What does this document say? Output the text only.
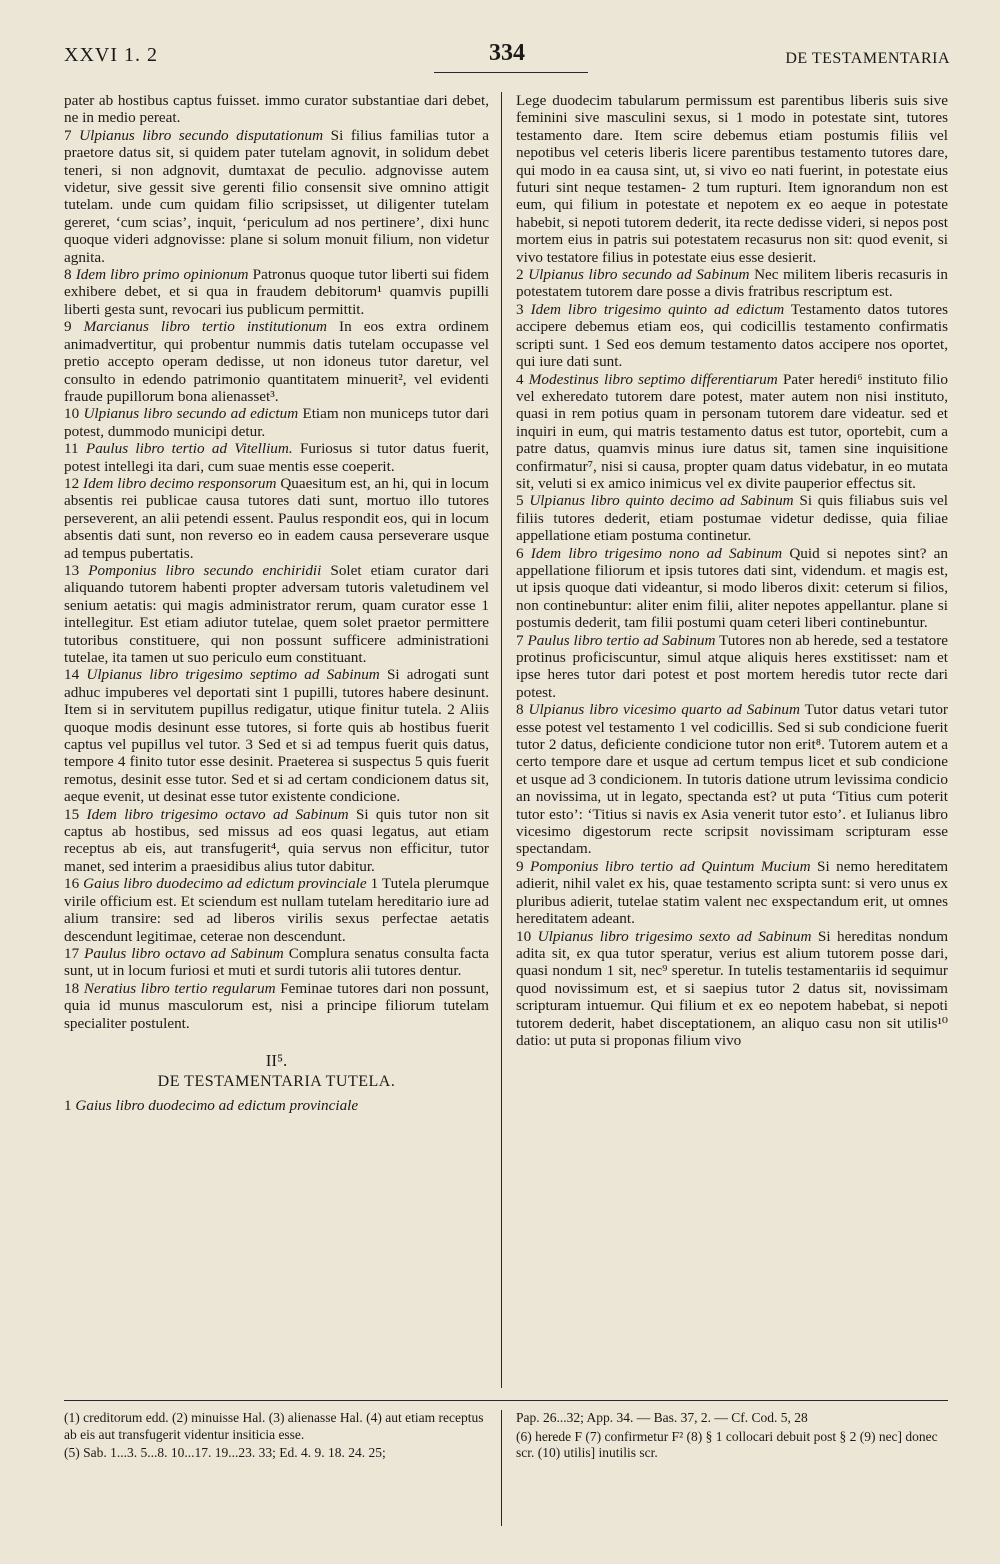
XXVI 1. 2	334	DE TESTAMENTARIA

pater ab hostibus captus fuisset. immo curator substantiae dari debet, ne in medio pereat.

7 Ulpianus libro secundo disputationum Si filius familias tutor a praetore datus sit, si quidem pater tutelam agnovit, in solidum debet teneri, si non adgnovit, dumtaxat de peculio. adgnovisse autem videtur, sive gessit sive gerenti filio consensit sive omnino attigit tutelam. unde cum quidam filio scripsisset, ut diligenter tutelam gereret, ‘cum scias’, inquit, ‘periculum ad nos pertinere’, dixi hunc quoque videri adgnovisse: plane si solum monuit filium, non videtur agnita.

8 Idem libro primo opinionum Patronus quoque tutor liberti sui fidem exhibere debet, et si qua in fraudem debitorum¹ quamvis pupilli liberti gesta sunt, revocari ius publicum permittit.

9 Marcianus libro tertio institutionum In eos extra ordinem animadvertitur, qui probentur nummis datis tutelam occupasse vel pretio accepto operam dedisse, ut non idoneus tutor daretur, vel consulto in edendo patrimonio quantitatem minuerit², vel evidenti fraude pupillorum bona alienasset³.

10 Ulpianus libro secundo ad edictum Etiam non municeps tutor dari potest, dummodo municipi detur.

11 Paulus libro tertio ad Vitellium. Furiosus si tutor datus fuerit, potest intellegi ita dari, cum suae mentis esse coeperit.

12 Idem libro decimo responsorum Quaesitum est, an hi, qui in locum absentis rei publicae causa tutores dati sunt, mortuo illo tutores perseverent, an alii petendi essent. Paulus respondit eos, qui in locum absentis dati sunt, non reverso eo in eadem causa perseverare usque ad tempus pubertatis.

13 Pomponius libro secundo enchiridii Solet etiam curator dari aliquando tutorem habenti propter adversam tutoris valetudinem vel senium aetatis: qui magis administrator rerum, quam curator esse 1 intellegitur. Est etiam adiutor tutelae, quem solet praetor permittere tutoribus constituere, qui non possunt sufficere administrationi tutelae, ita tamen ut suo periculo eum constituant.

14 Ulpianus libro trigesimo septimo ad Sabinum Si adrogati sunt adhuc impuberes vel deportati sint 1 pupilli, tutores habere desinunt. Item si in servitutem pupillus redigatur, utique finitur tutela. 2 Aliis quoque modis desinunt esse tutores, si forte quis ab hostibus fuerit captus vel pupillus vel tutor. 3 Sed et si ad tempus fuerit quis datus, tempore 4 finito tutor esse desinit. Praeterea si suspectus 5 quis fuerit remotus, desinit esse tutor. Sed et si ad certam condicionem datus sit, aeque evenit, ut desinat esse tutor existente condicione.

15 Idem libro trigesimo octavo ad Sabinum Si quis tutor non sit captus ab hostibus, sed missus ad eos quasi legatus, aut etiam receptus ab eis, aut transfugerit⁴, quia servus non efficitur, tutor manet, sed interim a praesidibus alius tutor dabitur.

16 Gaius libro duodecimo ad edictum provinciale 1 Tutela plerumque virile officium est. Et sciendum est nullam tutelam hereditario iure ad alium transire: sed ad liberos virilis sexus perfectae aetatis descendunt legitimae, ceterae non descendunt.

17 Paulus libro octavo ad Sabinum Complura senatus consulta facta sunt, ut in locum furiosi et muti et surdi tutoris alii tutores dentur.

18 Neratius libro tertio regularum Feminae tutores dari non possunt, quia id munus masculorum est, nisi a principe filiorum tutelam specialiter postulent.

II⁵.
DE TESTAMENTARIA TUTELA.

1 Gaius libro duodecimo ad edictum provinciale

Lege duodecim tabularum permissum est parentibus liberis suis sive feminini sive masculini sexus, si 1 modo in potestate sint, tutores testamento dare. Item scire debemus etiam postumis filiis vel nepotibus vel ceteris liberis licere parentibus testamento tutores dare, qui modo in ea causa sint, ut, si vivo eo nati fuerint, in potestate eius futuri sint neque testamen- 2 tum rupturi. Item ignorandum non est eum, qui filium in potestate et nepotem ex eo aeque in potestate habebit, si nepoti tutorem dederit, ita recte dedisse videri, si nepos post mortem eius in patris sui potestatem recasurus non sit: quod evenit, si vivo testatore filius in potestate eius esse desierit.

2 Ulpianus libro secundo ad Sabinum Nec militem liberis recasuris in potestatem tutorem dare posse a divis fratribus rescriptum est.

3 Idem libro trigesimo quinto ad edictum Testamento datos tutores accipere debemus etiam eos, qui codicillis testamento confirmatis scripti sunt. 1 Sed eos demum testamento datos accipere nos oportet, qui iure dati sunt.

4 Modestinus libro septimo differentiarum Pater heredi⁶ instituto filio vel exheredato tutorem dare potest, mater autem non nisi instituto, quasi in rem potius quam in personam tutorem dare videatur. sed et inquiri in eum, qui matris testamento datus est tutor, oportebit, cum a patre datus, quamvis minus iure datus sit, tamen sine inquisitione confirmatur⁷, nisi si causa, propter quam datus videbatur, in eo mutata sit, veluti si ex amico inimicus vel ex divite pauperior effectus sit.

5 Ulpianus libro quinto decimo ad Sabinum Si quis filiabus suis vel filiis tutores dederit, etiam postumae videtur dedisse, quia filiae appellatione etiam postuma continetur.

6 Idem libro trigesimo nono ad Sabinum Quid si nepotes sint? an appellatione filiorum et ipsis tutores dati sint, videndum. et magis est, ut ipsis quoque dati videantur, si modo liberos dixit: ceterum si filios, non continebuntur: aliter enim filii, aliter nepotes appellantur. plane si postumis dederit, tam filii postumi quam ceteri liberi continebuntur.

7 Paulus libro tertio ad Sabinum Tutores non ab herede, sed a testatore protinus proficiscuntur, simul atque aliquis heres exstitisset: nam et ipse heres tutor dari potest et post mortem heredis tutor recte dari potest.

8 Ulpianus libro vicesimo quarto ad Sabinum Tutor datus vetari tutor esse potest vel testamento 1 vel codicillis. Sed si sub condicione fuerit tutor 2 datus, deficiente condicione tutor non erit⁸. Tutorem autem et a certo tempore dare et usque ad certum tempus licet et sub condicione et usque ad 3 condicionem. In tutoris datione utrum levissima condicio an novissima, ut in legato, spectanda est? ut puta ‘Titius cum poterit tutor esto’: ‘Titius si navis ex Asia venerit tutor esto’. et Iulianus libro vicesimo digestorum recte scripsit novissimam scripturam esse spectandam.

9 Pomponius libro tertio ad Quintum Mucium Si nemo hereditatem adierit, nihil valet ex his, quae testamento scripta sunt: si vero unus ex pluribus adierit, tutelae statim valent nec exspectandum erit, ut omnes hereditatem adeant.

10 Ulpianus libro trigesimo sexto ad Sabinum Si hereditas nondum adita sit, ex qua tutor speratur, verius est alium tutorem posse dari, quasi nondum 1 sit, nec⁹ speretur. In tutelis testamentariis id sequimur quod novissimum est, et si saepius tutor 2 datus sit, novissimam scripturam intuemur. Qui filium et ex eo nepotem habebat, si nepoti tutorem dederit, habet disceptationem, an aliquo casu non sit utilis¹⁰ datio: ut puta si proponas filium vivo

(1) creditorum edd. (2) minuisse Hal. (3) alienasse Hal. (4) aut etiam receptus ab eis aut transfugerit videntur insiticia esse.

(5) Sab. 1...3. 5...8. 10...17. 19...23. 33; Ed. 4. 9. 18. 24. 25;

Pap. 26...32; App. 34. — Bas. 37, 2. — Cf. Cod. 5, 28

(6) herede F (7) confirmetur F² (8) § 1 collocari debuit post § 2 (9) nec] donec scr. (10) utilis] inutilis scr.
